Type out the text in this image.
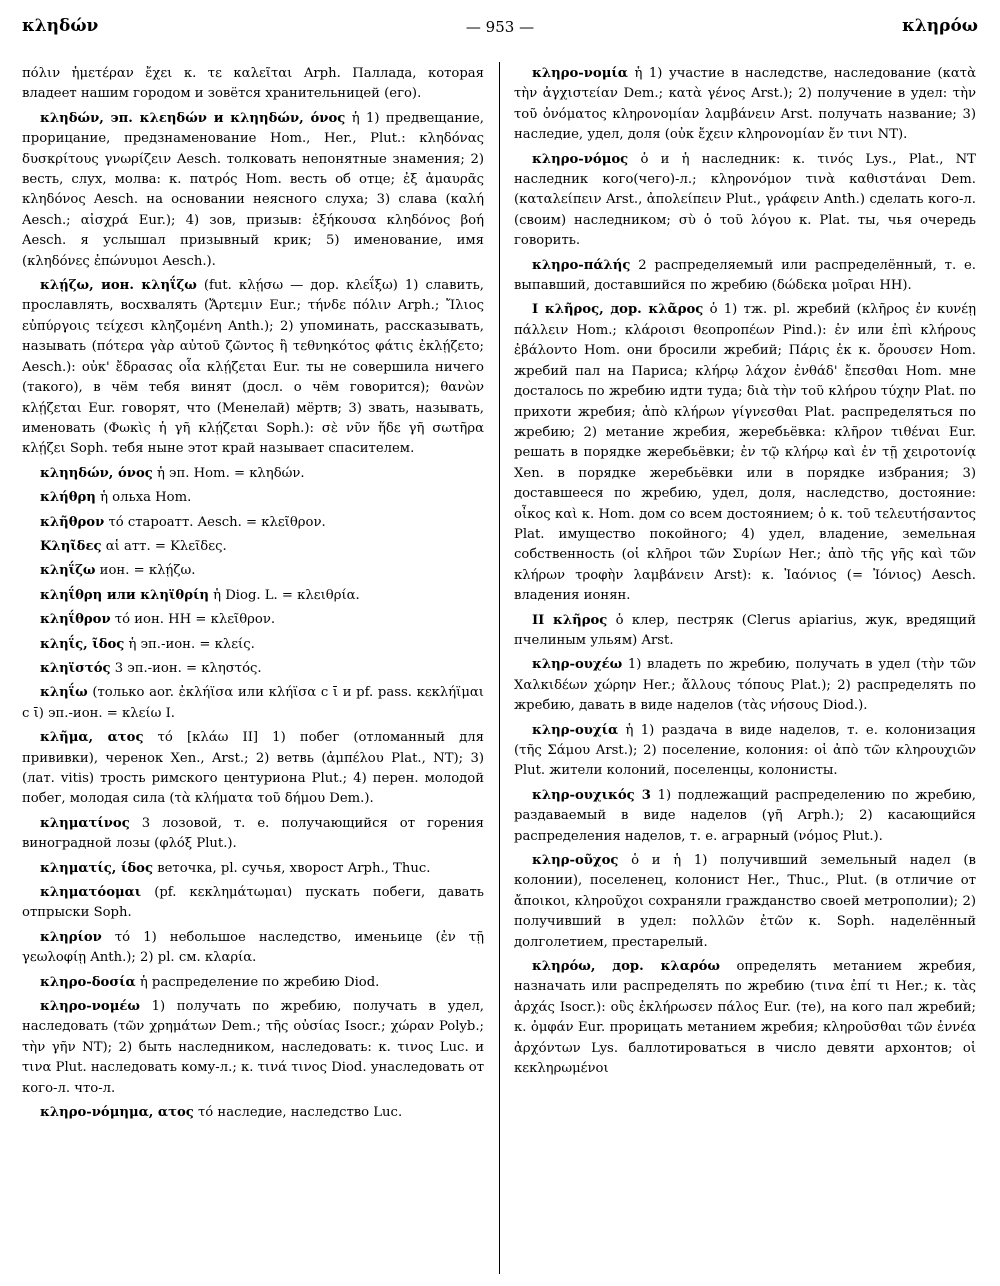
κληδών	— 953 —	κληρόω

πόλιν ἡμετέραν ἔχει κ. τε καλεῖται Arph. Паллада, которая владеет нашим городом и зовётся хранительницей (его).

κληδών, эп. κλεηδών и κληηδών, όνος ἡ 1) предвещание, прорицание, предзнаменование Hom., Her., Plut.: κληδόνας δυσκρίτους γνωρίζειν Aesch. толковать непонятные знамения; 2) весть, слух, молва: κ. πατρός Hom. весть об отце; ἐξ ἀμαυρᾶς κληδόνος Aesch. на основании неясного слуха; 3) слава (καλή Aesch.; αἰσχρά Eur.); 4) зов, призыв: ἐξήκουσα κληδόνος βοή Aesch. я услышал призывный крик; 5) именование, имя (κληδόνες ἐπώνυμοι Aesch.).

κλῄζω, ион. κληΐζω (fut. κλῄσω — дор. κλεΐξω) 1) славить, прославлять, восхвалять (Ἄρτεμιν Eur.; τήνδε πόλιν Arph.; Ἴλιος εὐπύργοις τείχεσι κληζομένη Anth.); 2) упоминать, рассказывать, называть (πότερα γὰρ αὐτοῦ ζῶντος ἢ τεθνηκότος φάτις ἐκλῄζετο; Aesch.): οὐκ' ἔδρασας οἷα κλῄζεται Eur. ты не совершила ничего (такого), в чём тебя винят (досл. о чём говорится); θανὼν κλῄζεται Eur. говорят, что (Менелай) мёртв; 3) звать, называть, именовать (Φωκὶς ἡ γῆ κλῄζεται Soph.): σὲ νῦν ἥδε γῆ σωτῆρα κλῄζει Soph. тебя ныне этот край называет спасителем.

κληηδών, όνος ἡ эп. Hom. = κληδών.

κλήθρη ἡ ольха Hom.

κλῆθρον τό староатт. Aesch. = κλεῖθρον.

Κληῖδες αἱ атт. = Κλεῖδες.

κληΐζω ион. = κλῄζω.

κληΐθρη или κληϊθρίη ἡ Diog. L. = κλειθρία.

κληΐθρον τό ион. HH = κλεῖθρον.

κληΐς, ῖδος ἡ эп.-ион. = κλείς.

κληϊστός 3 эп.-ион. = κληστός.

κληΐω (только aor. ἐκλήϊσα или κλήϊσα с ῑ и pf. pass. κεκλήϊμαι с ῑ) эп.-ион. = κλείω I.

κλῆμα, ατος τό [κλάω II] 1) побег (отломанный для прививки), черенок Xen., Arst.; 2) ветвь (ἀμπέλου Plat., NT); 3) (лат. vitis) трость римского центуриона Plut.; 4) перен. молодой побег, молодая сила (τὰ κλήματα τοῦ δήμου Dem.).

κληματίνος 3 лозовой, т. е. получающийся от горения виноградной лозы (φλόξ Plut.).

κληματίς, ίδος веточка, pl. сучья, хворост Arph., Thuc.

κληματόομαι (pf. κεκλημάτωμαι) пускать побеги, давать отпрыски Soph.

κληρίον τό 1) небольшое наследство, именьице (ἐν τῇ γεωλοφίῃ Anth.); 2) pl. см. κλαρία.

κληρο-δοσία ἡ распределение по жребию Diod.

κληρο-νομέω 1) получать по жребию, получать в удел, наследовать (τῶν χρημάτων Dem.; τῆς οὐσίας Isocr.; χώραν Polyb.; τὴν γῆν NT); 2) быть наследником, наследовать: κ. τινος Luc. и τινα Plut. наследовать кому-л.; κ. τινά τινος Diod. унаследовать от кого-л. что-л.

κληρο-νόμημα, ατος τό наследие, наследство Luc.

κληρο-νομία ἡ 1) участие в наследстве, наследование (κατὰ τὴν ἀγχιστείαν Dem.; κατὰ γένος Arst.); 2) получение в удел: τὴν τοῦ ὀνόματος κληρονομίαν λαμβάνειν Arst. получать название; 3) наследие, удел, доля (οὐκ ἔχειν κληρονομίαν ἔν τινι NT).

κληρο-νόμος ὁ и ἡ наследник: κ. τινός Lys., Plat., NT наследник кого(чего)-л.; κληρονόμον τινὰ καθιστάναι Dem. (καταλείπειν Arst., ἀπολείπειν Plut., γράφειν Anth.) сделать кого-л. (своим) наследником; σὺ ὁ τοῦ λόγου κ. Plat. ты, чья очередь говорить.

κληρο-πάλής 2 распределяемый или распределённый, т. е. выпавший, доставшийся по жребию (δώδεκα μοῖραι HH).

I κλῆρος, дор. κλᾶρος ὁ 1) тж. pl. жребий (κλῆρος ἐν κυνέῃ πάλλειν Hom.; κλάροισι θεοπροπέων Pind.): ἐν или ἐπὶ κλήρους ἐβάλοντο Hom. они бросили жребий; Πάρις ἐκ κ. ὄρουσεν Hom. жребий пал на Париса; κλήρῳ λάχον ἐνθάδ' ἔπεσθαι Hom. мне досталось по жребию идти туда; διὰ τὴν τοῦ κλήρου τύχην Plat. по прихоти жребия; ἀπὸ κλήρων γίγνεσθαι Plat. распределяться по жребию; 2) метание жребия, жеребьёвка: κλῆρον τιθέναι Eur. решать в порядке жеребьёвки; ἐν τῷ κλήρῳ καὶ ἐν τῇ χειροτονίᾳ Xen. в порядке жеребьёвки или в порядке избрания; 3) доставшееся по жребию, удел, доля, наследство, достояние: οἶκος καὶ κ. Hom. дом со всем достоянием; ὁ κ. τοῦ τελευτήσαντος Plat. имущество покойного; 4) удел, владение, земельная собственность (οἱ κλῆροι τῶν Συρίων Her.; ἀπὸ τῆς γῆς καὶ τῶν κλήρων τροφὴν λαμβάνειν Arst): κ. Ἰαόνιος (= Ἰόνιος) Aesch. владения ионян.

II κλῆρος ὁ клер, пестряк (Clerus apiarius, жук, вредящий пчелиным ульям) Arst.

κληρ-ουχέω 1) владеть по жребию, получать в удел (τὴν τῶν Χαλκιδέων χώρην Her.; ἄλλους τόπους Plat.); 2) распределять по жребию, давать в виде наделов (τὰς νήσους Diod.).

κληρ-ουχία ἡ 1) раздача в виде наделов, т. е. колонизация (τῆς Σάμου Arst.); 2) поселение, колония: οἱ ἀπὸ τῶν κληρουχιῶν Plut. жители колоний, поселенцы, колонисты.

κληρ-ουχικός 3 1) подлежащий распределению по жребию, раздаваемый в виде наделов (γῆ Arph.); 2) касающийся распределения наделов, т. е. аграрный (νόμος Plut.).

κληρ-οῦχος ὁ и ἡ 1) получивший земельный надел (в колонии), поселенец, колонист Her., Thuc., Plut. (в отличие от ἄποικοι, κληροῦχοι сохраняли гражданство своей метрополии); 2) получивший в удел: πολλῶν ἐτῶν κ. Soph. наделённый долголетием, престарелый.

κληρόω, дор. κλαρόω определять метанием жребия, назначать или распределять по жребию (τινα ἐπί τι Her.; κ. τὰς ἀρχάς Isocr.): οὓς ἐκλήρωσεν πάλος Eur. (те), на кого пал жребий; κ. ὀμφάν Eur. прорицать метанием жребия; κληροῦσθαι τῶν ἐννέα ἀρχόντων Lys. баллотироваться в число девяти архонтов; οἱ κεκληρωμένοι
